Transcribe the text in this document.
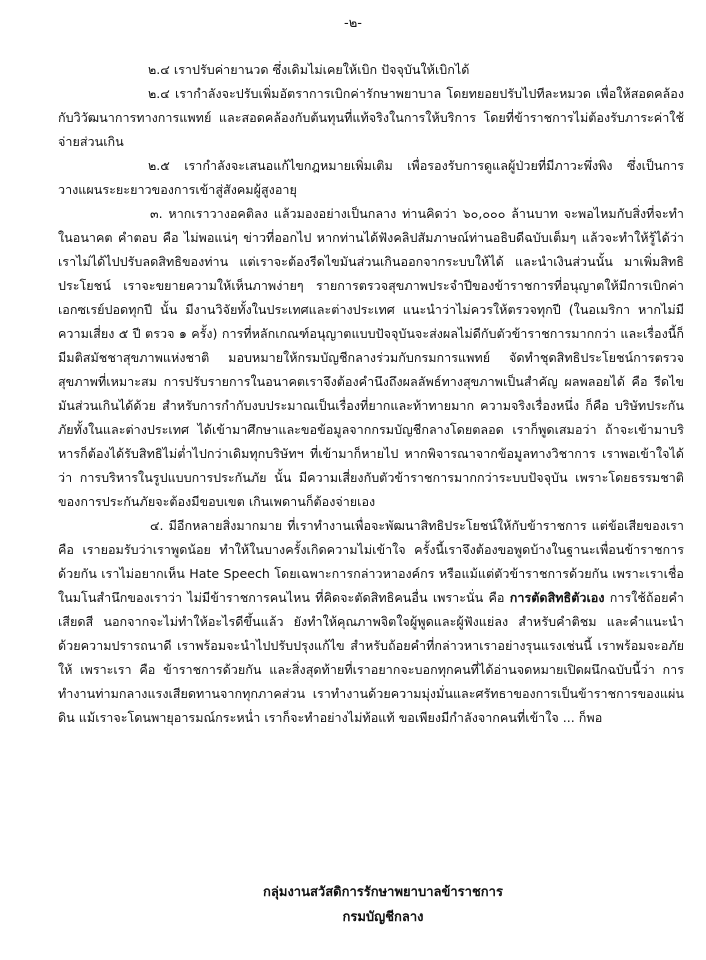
-๒-

๒.๔ เราปรับค่ายานวด ซึ่งเดิมไม่เคยให้เบิก ปัจจุบันให้เบิกได้

๒.๔ เรากำลังจะปรับเพิ่มอัตราการเบิกค่ารักษาพยาบาล โดยทยอยปรับไปทีละหมวด เพื่อให้สอดคล้องกับวิวัฒนาการทางการแพทย์ และสอดคล้องกับต้นทุนที่แท้จริงในการให้บริการ โดยที่ข้าราชการไม่ต้องรับภาระค่าใช้จ่ายส่วนเกิน

๒.๕ เรากำลังจะเสนอแก้ไขกฎหมายเพิ่มเติม เพื่อรองรับการดูแลผู้ป่วยที่มีภาวะพึ่งพิง ซึ่งเป็นการวางแผนระยะยาวของการเข้าสู่สังคมผู้สูงอายุ

๓. หากเราวางอคติลง แล้วมองอย่างเป็นกลาง ท่านคิดว่า ๖๐,๐๐๐ ล้านบาท จะพอไหมกับสิ่งที่จะทำในอนาคต คำตอบ คือ ไม่พอแน่ๆ ข่าวที่ออกไป หากท่านได้ฟังคลิปสัมภาษณ์ท่านอธิบดีฉบับเต็มๆ แล้วจะทำให้รู้ได้ว่า เราไม่ได้ไปปรับลดสิทธิของท่าน แต่เราจะต้องรีดไขมันส่วนเกินออกจากระบบให้ได้ และนำเงินส่วนนั้น มาเพิ่มสิทธิประโยชน์ เราจะขยายความให้เห็นภาพง่ายๆ รายการตรวจสุขภาพประจำปีของข้าราชการที่อนุญาตให้มีการเบิกค่าเอกซเรย์ปอดทุกปี นั้น มีงานวิจัยทั้งในประเทศและต่างประเทศ แนะนำว่าไม่ควรให้ตรวจทุกปี (ในอเมริกา หากไม่มีความเสี่ยง ๕ ปี ตรวจ ๑ ครั้ง) การที่หลักเกณฑ์อนุญาตแบบปัจจุบันจะส่งผลไม่ดีกับตัวข้าราชการมากกว่า และเรื่องนี้ก็มีมติสมัชชาสุขภาพแห่งชาติ มอบหมายให้กรมบัญชีกลางร่วมกับกรมการแพทย์ จัดทำชุดสิทธิประโยชน์การตรวจสุขภาพที่เหมาะสม การปรับรายการในอนาคตเราจึงต้องคำนึงถึงผลลัพธ์ทางสุขภาพเป็นสำคัญ ผลพลอยได้ คือ รีดไขมันส่วนเกินได้ด้วย สำหรับการกำกับงบประมาณเป็นเรื่องที่ยากและท้าทายมาก ความจริงเรื่องหนึ่ง ก็คือ บริษัทประกันภัยทั้งในและต่างประเทศ ได้เข้ามาศึกษาและขอข้อมูลจากกรมบัญชีกลางโดยตลอด เราก็พูดเสมอว่า ถ้าจะเข้ามาบริหารก็ต้องได้รับสิทธิไม่ต่ำไปกว่าเดิมทุกบริษัทฯ ที่เข้ามาก็หายไป หากพิจารณาจากข้อมูลทางวิชาการ เราพอเข้าใจได้ว่า การบริหารในรูปแบบการประกันภัย นั้น มีความเสี่ยงกับตัวข้าราชการมากกว่าระบบปัจจุบัน เพราะโดยธรรมชาติของการประกันภัยจะต้องมีขอบเขต เกินเพดานก็ต้องจ่ายเอง

๔. มีอีกหลายสิ่งมากมาย ที่เราทำงานเพื่อจะพัฒนาสิทธิประโยชน์ให้กับข้าราชการ แต่ข้อเสียของเรา คือ เรายอมรับว่าเราพูดน้อย ทำให้ในบางครั้งเกิดความไม่เข้าใจ ครั้งนี้เราจึงต้องขอพูดบ้างในฐานะเพื่อนข้าราชการด้วยกัน เราไม่อยากเห็น Hate Speech โดยเฉพาะการกล่าวหาองค์กร หรือแม้แต่ตัวข้าราชการด้วยกัน เพราะเราเชื่อในมโนสำนึกของเราว่า ไม่มีข้าราชการคนไหน ที่คิดจะตัดสิทธิคนอื่น เพราะนั่น คือ การตัดสิทธิตัวเอง การใช้ถ้อยคำเสียดสี นอกจากจะไม่ทำให้อะไรดีขึ้นแล้ว ยังทำให้คุณภาพจิตใจผู้พูดและผู้ฟังแย่ลง สำหรับคำติชม และคำแนะนำ ด้วยความปรารถนาดี เราพร้อมจะนำไปปรับปรุงแก้ไข สำหรับถ้อยคำที่กล่าวหาเราอย่างรุนแรงเช่นนี้ เราพร้อมจะอภัยให้ เพราะเรา คือ ข้าราชการด้วยกัน และสิ่งสุดท้ายที่เราอยากจะบอกทุกคนที่ได้อ่านจดหมายเปิดผนึกฉบับนี้ว่า การทำงานท่ามกลางแรงเสียดทานจากทุกภาคส่วน เราทำงานด้วยความมุ่งมั่นและศรัทธาของการเป็นข้าราชการของแผ่นดิน แม้เราจะโดนพายุอารมณ์กระหน่ำ เราก็จะทำอย่างไม่ท้อแท้ ขอเพียงมีกำลังจากคนที่เข้าใจ ... ก็พอ

กลุ่มงานสวัสดิการรักษาพยาบาลข้าราชการ
กรมบัญชีกลาง
